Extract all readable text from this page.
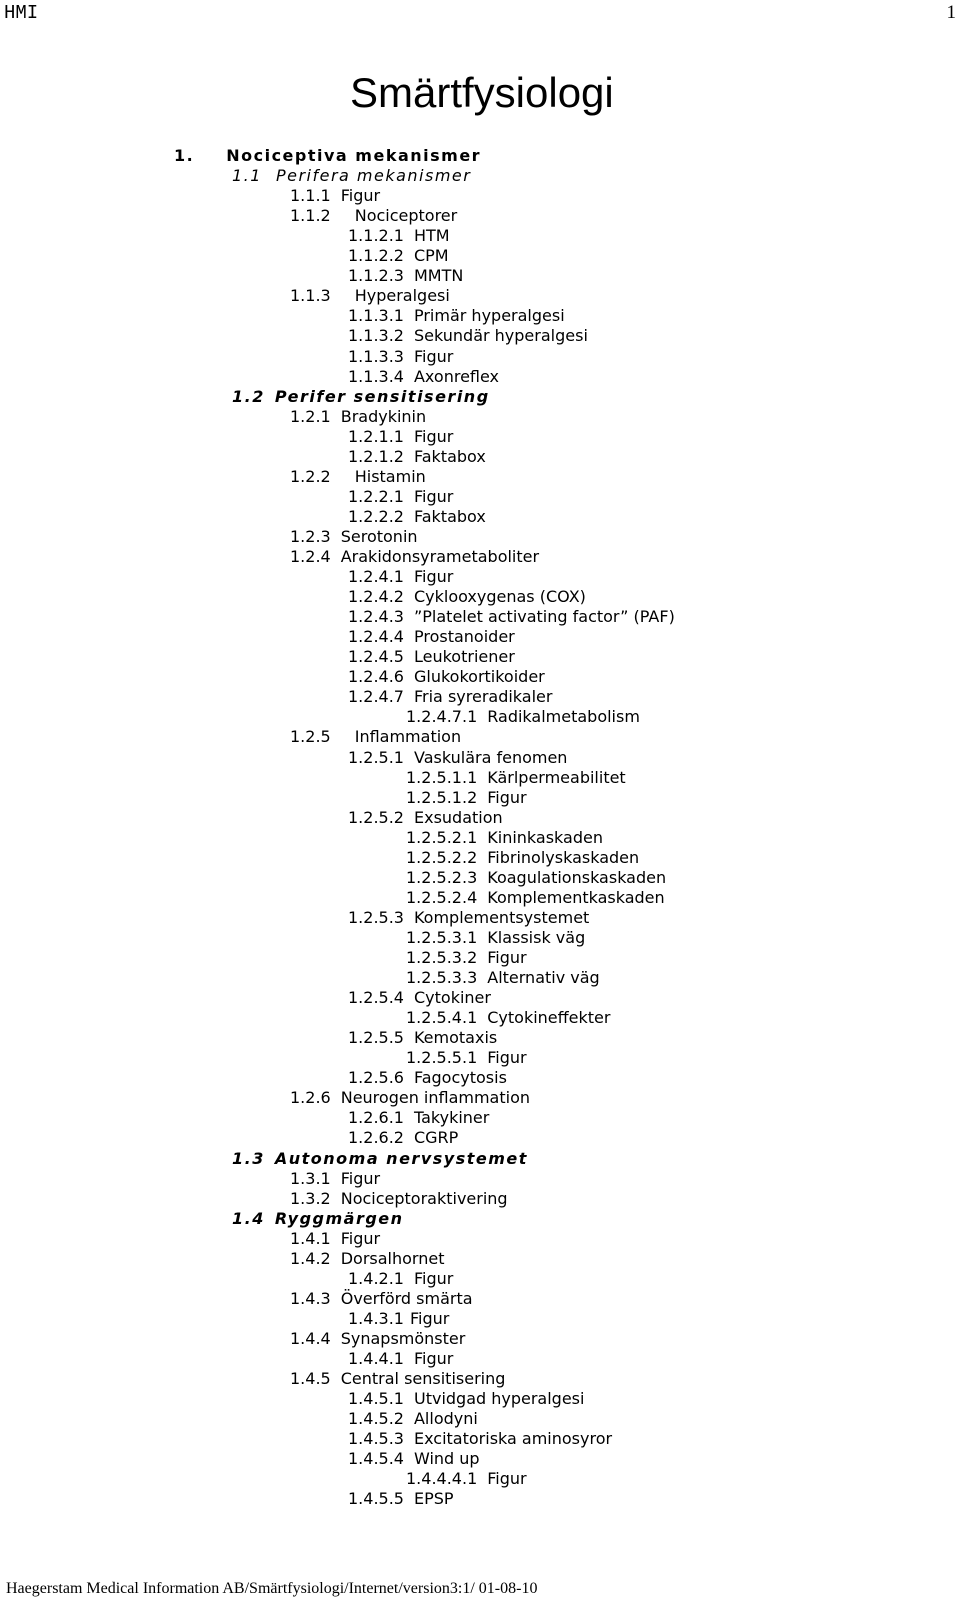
HMI	1
Smärtfysiologi
1. Nociceptiva mekanismer
1.1 Perifera mekanismer
1.1.1 Figur
1.1.2 Nociceptorer
1.1.2.1 HTM
1.1.2.2 CPM
1.1.2.3 MMTN
1.1.3 Hyperalgesi
1.1.3.1 Primär hyperalgesi
1.1.3.2 Sekundär hyperalgesi
1.1.3.3 Figur
1.1.3.4 Axonreflex
1.2 Perifer sensitisering
1.2.1 Bradykinin
1.2.1.1 Figur
1.2.1.2 Faktabox
1.2.2 Histamin
1.2.2.1 Figur
1.2.2.2 Faktabox
1.2.3 Serotonin
1.2.4 Arakidonsyrametaboliter
1.2.4.1 Figur
1.2.4.2 Cyklooxygenas (COX)
1.2.4.3 ”Platelet activating factor” (PAF)
1.2.4.4 Prostanoider
1.2.4.5 Leukotriener
1.2.4.6 Glukokortikoider
1.2.4.7 Fria syreradikaler
1.2.4.7.1 Radikalmetabolism
1.2.5 Inflammation
1.2.5.1 Vaskulära fenomen
1.2.5.1.1 Kärlpermeabilitet
1.2.5.1.2 Figur
1.2.5.2 Exsudation
1.2.5.2.1 Kininkaskaden
1.2.5.2.2 Fibrinolyskaskaden
1.2.5.2.3 Koagulationskaskaden
1.2.5.2.4 Komplementkaskaden
1.2.5.3 Komplementsystemet
1.2.5.3.1 Klassisk väg
1.2.5.3.2 Figur
1.2.5.3.3 Alternativ väg
1.2.5.4 Cytokiner
1.2.5.4.1 Cytokineffekter
1.2.5.5 Kemotaxis
1.2.5.5.1 Figur
1.2.5.6 Fagocytosis
1.2.6 Neurogen inflammation
1.2.6.1 Takykiner
1.2.6.2 CGRP
1.3 Autonoma nervsystemet
1.3.1 Figur
1.3.2 Nociceptoraktivering
1.4 Ryggmärgen
1.4.1 Figur
1.4.2 Dorsalhornet
1.4.2.1 Figur
1.4.3 Överförd smärta
1.4.3.1 Figur
1.4.4 Synapsmönster
1.4.4.1 Figur
1.4.5 Central sensitisering
1.4.5.1 Utvidgad hyperalgesi
1.4.5.2 Allodyni
1.4.5.3 Excitatoriska aminosyror
1.4.5.4 Wind up
1.4.4.4.1 Figur
1.4.5.5 EPSP
Haegerstam Medical Information AB/Smärtfysiologi/Internet/version3:1/ 01-08-10
